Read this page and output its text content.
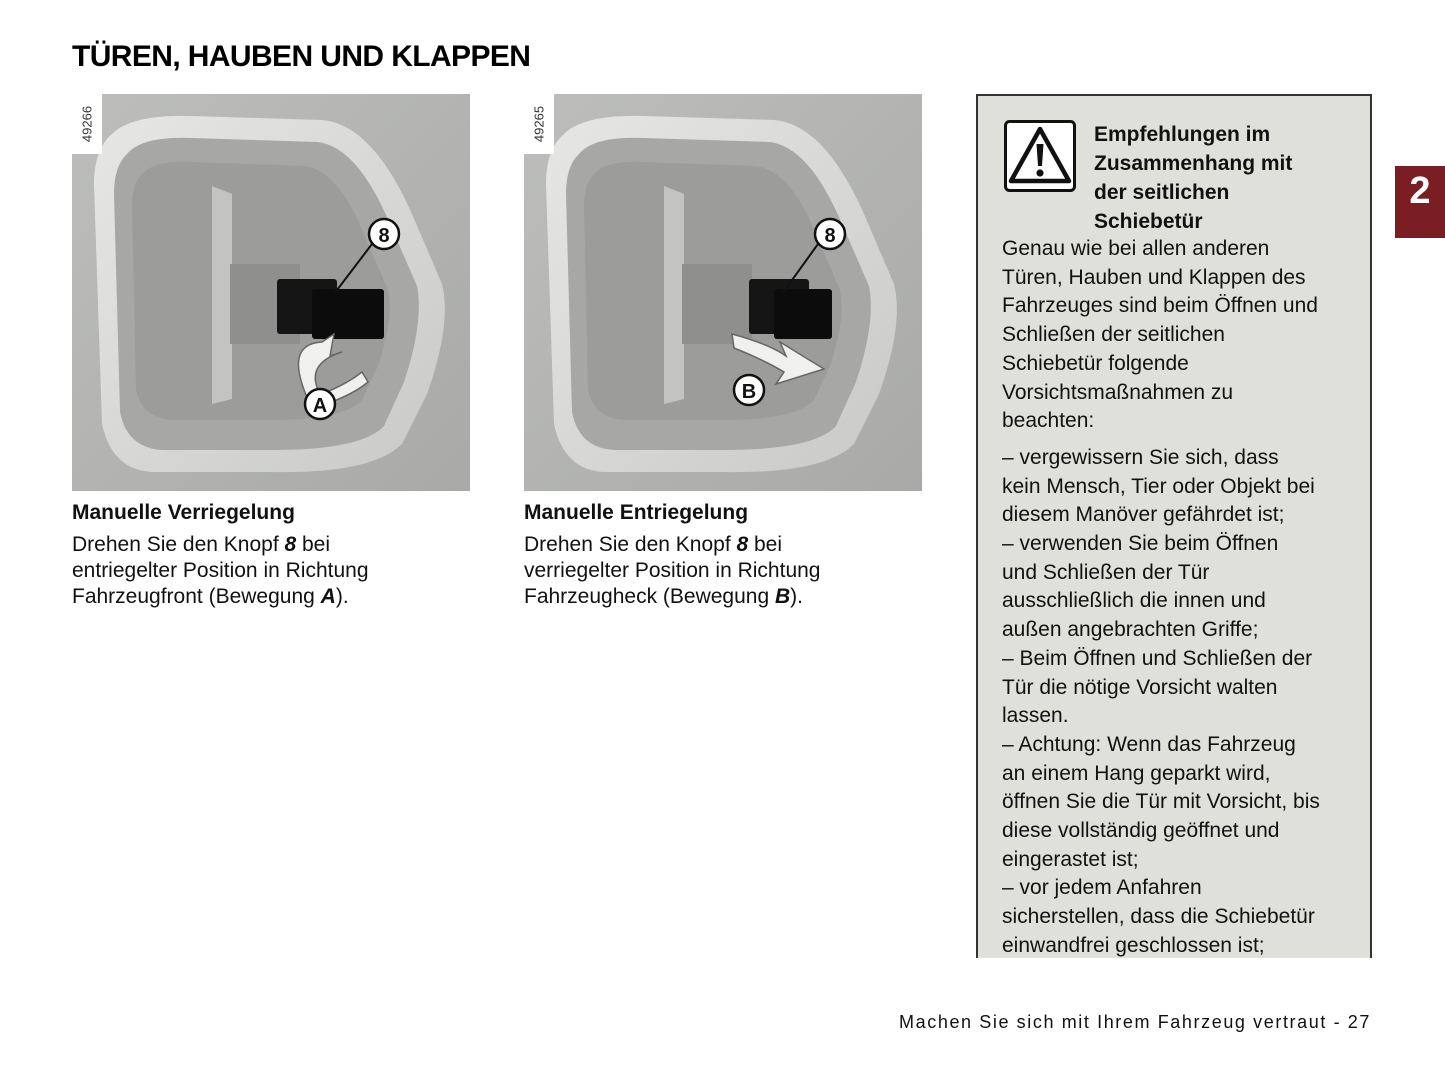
TÜREN, HAUBEN UND KLAPPEN
8
A
49266
8
B
49265
Manuelle Verriegelung

Drehen Sie den Knopf 8 bei
entriegelter Position in Richtung
Fahrzeugfront (Bewegung A).

Manuelle Entriegelung

Drehen Sie den Knopf 8 bei
verriegelter Position in Richtung
Fahrzeugheck (Bewegung B).

Empfehlungen im
Zusammenhang mit
der seitlichen
Schiebetür

Genau wie bei allen anderen
Türen, Hauben und Klappen des
Fahrzeuges sind beim Öffnen und
Schließen der seitlichen
Schiebetür folgende
Vorsichtsmaßnahmen zu
beachten:

– vergewissern Sie sich, dass
kein Mensch, Tier oder Objekt bei
diesem Manöver gefährdet ist;
– verwenden Sie beim Öffnen
und Schließen der Tür
ausschließlich die innen und
außen angebrachten Griffe;
– Beim Öffnen und Schließen der
Tür die nötige Vorsicht walten
lassen.
– Achtung: Wenn das Fahrzeug
an einem Hang geparkt wird,
öffnen Sie die Tür mit Vorsicht, bis
diese vollständig geöffnet und
eingerastet ist;
– vor jedem Anfahren
sicherstellen, dass die Schiebetür
einwandfrei geschlossen ist;

2
Machen Sie sich mit Ihrem Fahrzeug vertraut - 27
